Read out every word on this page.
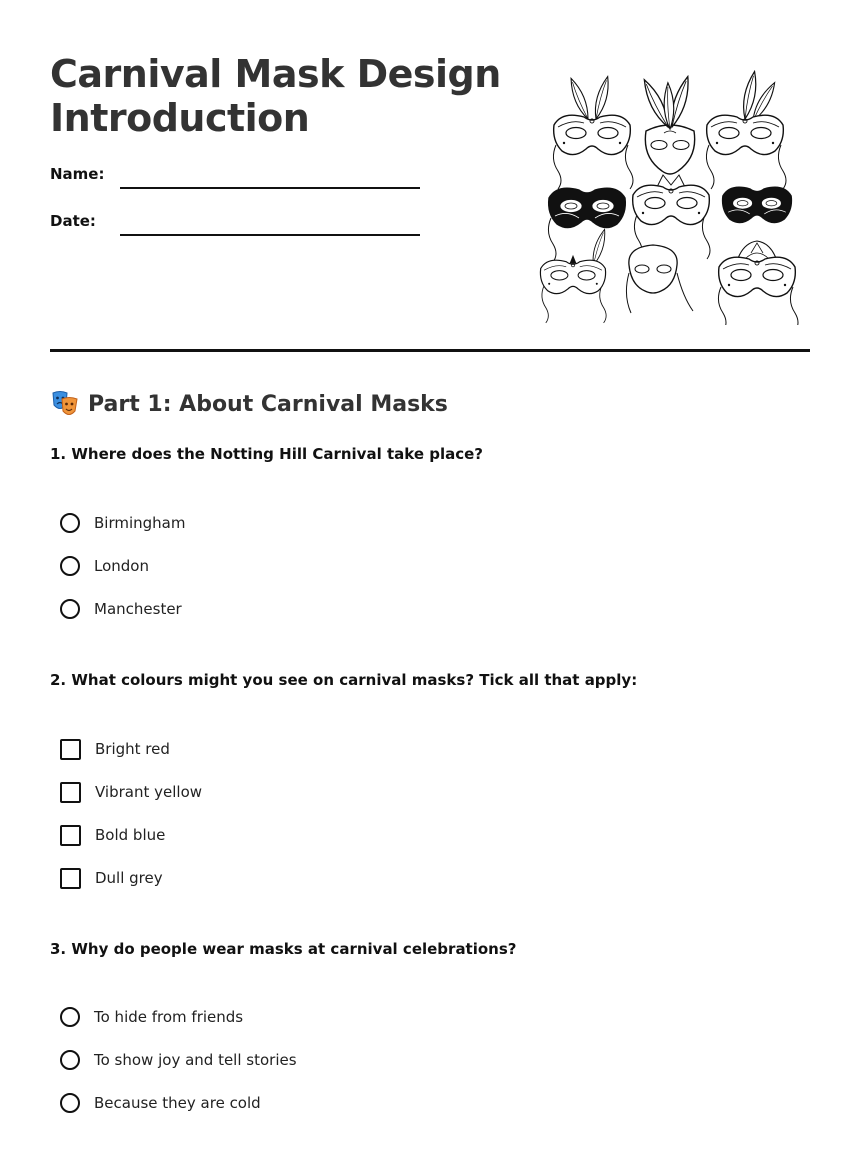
Carnival Mask Design
Introduction
Name:
Date:
Part 1: About Carnival Masks
1. Where does the Notting Hill Carnival take place?
Birmingham
London
Manchester
2. What colours might you see on carnival masks? Tick all that apply:
Bright red
Vibrant yellow
Bold blue
Dull grey
3. Why do people wear masks at carnival celebrations?
To hide from friends
To show joy and tell stories
Because they are cold
